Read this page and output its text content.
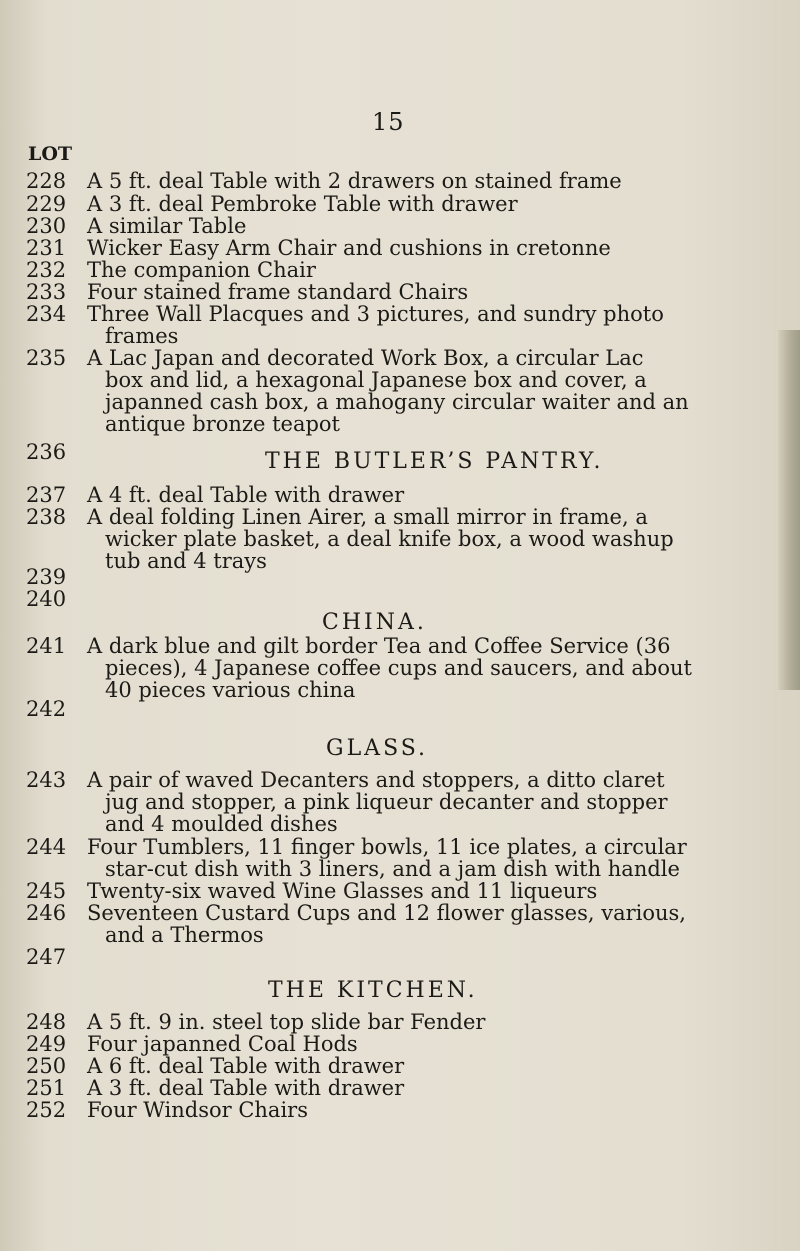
15
LOT
228
229
230
231
232
233
234
235
236
237
238
239
240
241
242
243
244
245
246
247
248
249
250
251
252
A 5 ft. deal Table with 2 drawers on stained frame
A 3 ft. deal Pembroke Table with drawer
A similar Table
Wicker Easy Arm Chair and cushions in cretonne
The companion Chair
Four stained frame standard Chairs
Three Wall Placques and 3 pictures, and sundry photo
frames
A Lac Japan and decorated Work Box, a circular Lac
box and lid, a hexagonal Japanese box and cover, a
japanned cash box, a mahogany circular waiter and an
antique bronze teapot
THE BUTLER’S PANTRY.
A 4 ft. deal Table with drawer
A deal folding Linen Airer, a small mirror in frame, a
wicker plate basket, a deal knife box, a wood washup
tub and 4 trays
CHINA.
A dark blue and gilt border Tea and Coffee Service (36
pieces), 4 Japanese coffee cups and saucers, and about
40 pieces various china
GLASS.
A pair of waved Decanters and stoppers, a ditto claret
jug and stopper, a pink liqueur decanter and stopper
and 4 moulded dishes
Four Tumblers, 11 finger bowls, 11 ice plates, a circular
star-cut dish with 3 liners, and a jam dish with handle
Twenty-six waved Wine Glasses and 11 liqueurs
Seventeen Custard Cups and 12 flower glasses, various,
and a Thermos
THE KITCHEN.
A 5 ft. 9 in. steel top slide bar Fender
Four japanned Coal Hods
A 6 ft. deal Table with drawer
A 3 ft. deal Table with drawer
Four Windsor Chairs
